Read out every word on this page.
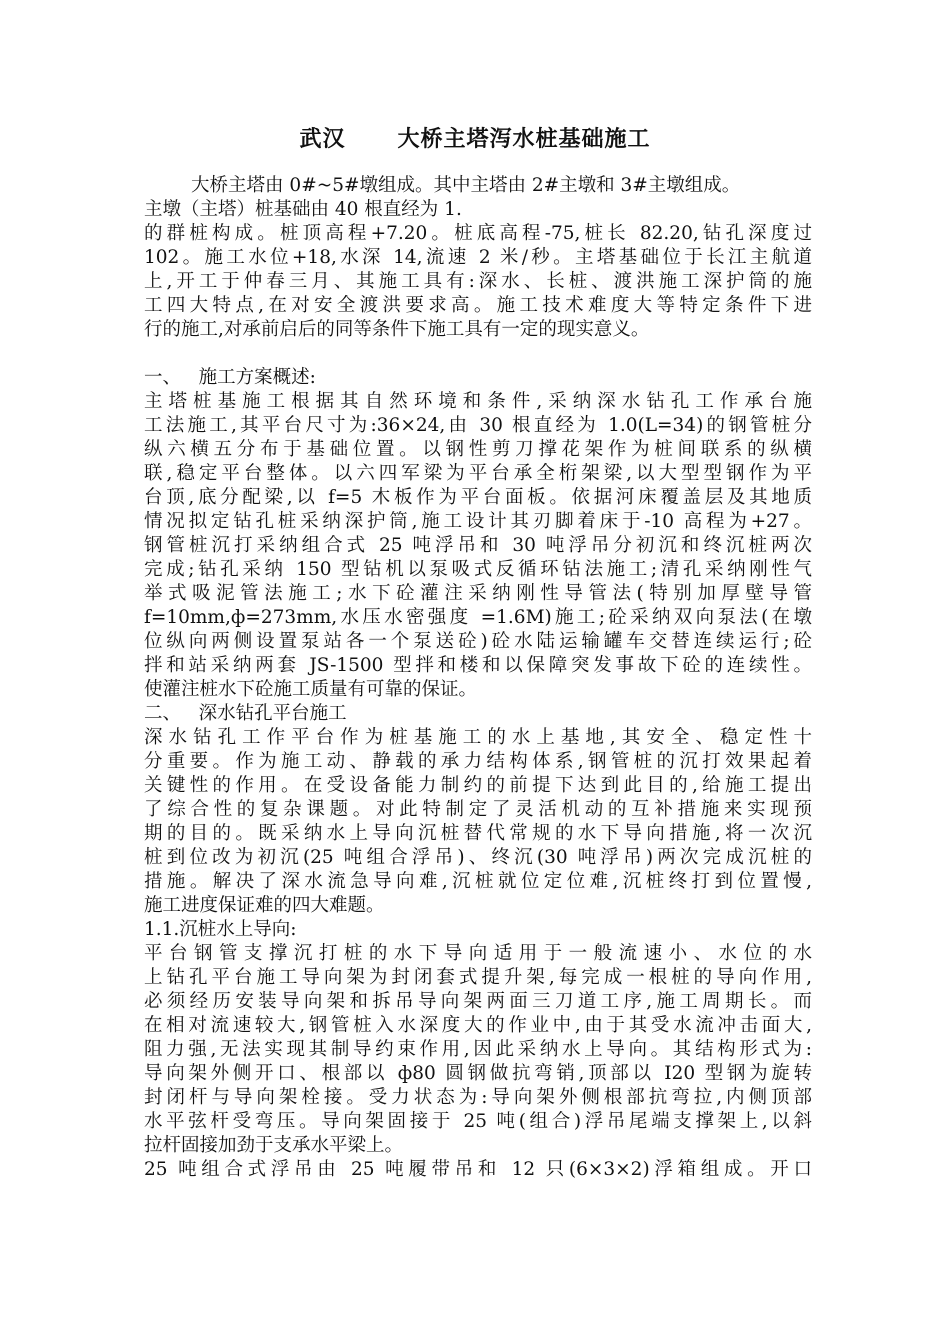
武汉      大桥主塔泻水桩基础施工
大桥主塔由 0#~5#墩组成。其中主塔由 2#主墩和 3#主墩组成。
主墩（主塔）桩基础由 40 根直经为 1.
的群桩构成。桩顶高程+7.20。桩底高程-75,桩长 82.20,钻孔深度过
102。施工水位+18,水深 14,流速 2 米/秒。主塔基础位于长江主航道
上,开工于仲春三月、其施工具有:深水、长桩、渡洪施工深护筒的施
工四大特点,在对安全渡洪要求高。施工技术难度大等特定条件下进
行的施工,对承前启后的同等条件下施工具有一定的现实意义。
一、   施工方案概述:
主塔桩基施工根据其自然环境和条件,采纳深水钻孔工作承台施
工法施工,其平台尺寸为:36×24,由 30 根直经为 1.0(L=34)的钢管桩分
纵六横五分布于基础位置。以钢性剪刀撑花架作为桩间联系的纵横
联,稳定平台整体。以六四军梁为平台承全桁架梁,以大型型钢作为平
台顶,底分配梁,以 f=5 木板作为平台面板。依据河床覆盖层及其地质
情况拟定钻孔桩采纳深护筒,施工设计其刃脚着床于-10 高程为+27。
钢管桩沉打采纳组合式 25 吨浮吊和 30 吨浮吊分初沉和终沉桩两次
完成;钻孔采纳 150 型钻机以泵吸式反循环钻法施工;清孔采纳刚性气
举式吸泥管法施工;水下砼灌注采纳刚性导管法(特别加厚壁导管
f=10mm,ф=273mm,水压水密强度 =1.6M)施工;砼采纳双向泵法(在墩
位纵向两侧设置泵站各一个泵送砼)砼水陆运输罐车交替连续运行;砼
拌和站采纳两套 JS-1500 型拌和楼和以保障突发事故下砼的连续性。
使灌注桩水下砼施工质量有可靠的保证。
二、   深水钻孔平台施工
深水钻孔工作平台作为桩基施工的水上基地,其安全、稳定性十
分重要。作为施工动、静载的承力结构体系,钢管桩的沉打效果起着
关键性的作用。在受设备能力制约的前提下达到此目的,给施工提出
了综合性的复杂课题。对此特制定了灵活机动的互补措施来实现预
期的目的。既采纳水上导向沉桩替代常规的水下导向措施,将一次沉
桩到位改为初沉(25 吨组合浮吊)、终沉(30 吨浮吊)两次完成沉桩的
措施。解决了深水流急导向难,沉桩就位定位难,沉桩终打到位置慢,
施工进度保证难的四大难题。
1.1.沉桩水上导向:
平台钢管支撑沉打桩的水下导向适用于一般流速小、水位的水
上钻孔平台施工导向架为封闭套式提升架,每完成一根桩的导向作用,
必须经历安装导向架和拆吊导向架两面三刀道工序,施工周期长。而
在相对流速较大,钢管桩入水深度大的作业中,由于其受水流冲击面大,
阻力强,无法实现其制导约束作用,因此采纳水上导向。其结构形式为:
导向架外侧开口、根部以 ф80 圆钢做抗弯销,顶部以 I20 型钢为旋转
封闭杆与导向架栓接。受力状态为:导向架外侧根部抗弯拉,内侧顶部
水平弦杆受弯压。导向架固接于 25 吨(组合)浮吊尾端支撑架上,以斜
拉杆固接加劲于支承水平梁上。
25 吨组合式浮吊由 25 吨履带吊和 12 只(6×3×2)浮箱组成。开口
